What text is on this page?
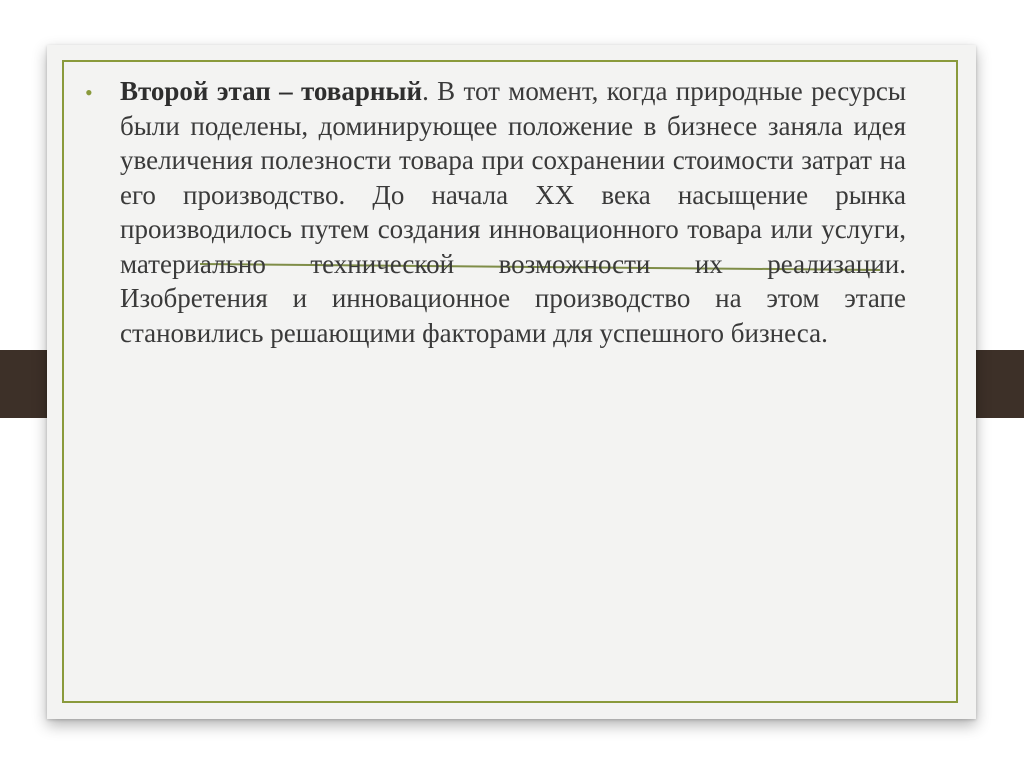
• Второй этап – товарный. В тот момент, когда природные ресурсы были поделены, доминирующее положение в бизнесе заняла идея увеличения полезности товара при сохранении стоимости затрат на его производство. До начала XX века насыщение рынка производилось путем создания инновационного товара или услуги, материально технической возможности их реализации. Изобретения и инновационное производство на этом этапе становились решающими факторами для успешного бизнеса.
